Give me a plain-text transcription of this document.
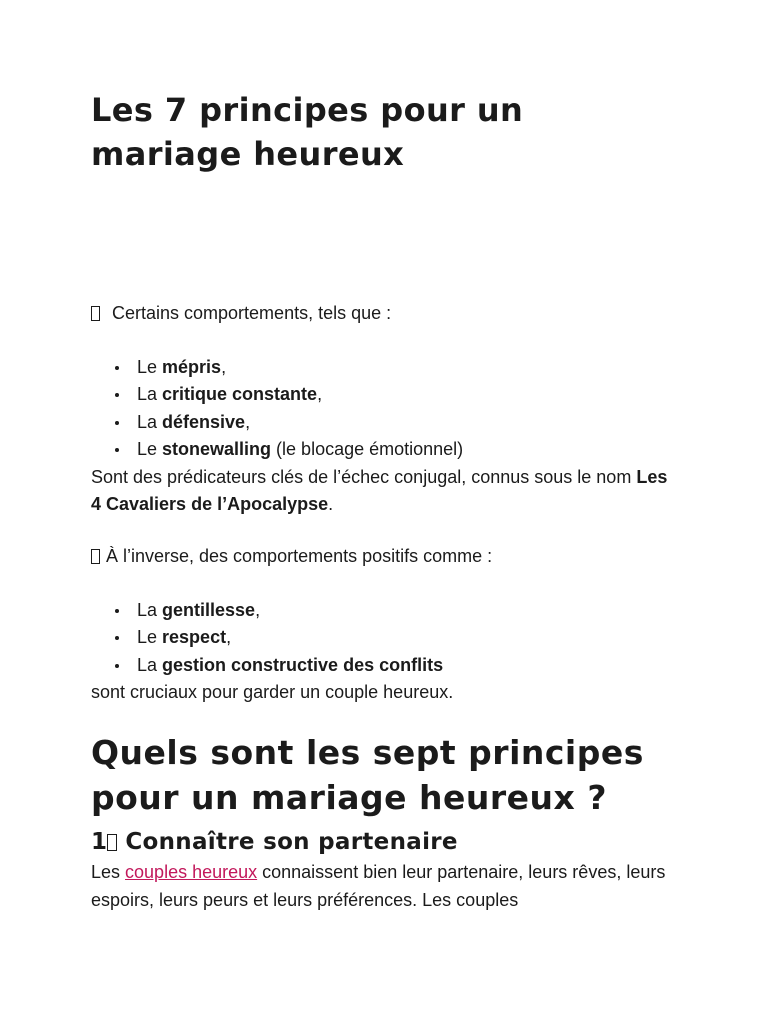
Les 7 principes pour un mariage heureux
Certains comportements, tels que :
Le mépris,
La critique constante,
La défensive,
Le stonewalling (le blocage émotionnel)
Sont des prédicateurs clés de l’échec conjugal, connus sous le nom Les 4 Cavaliers de l’Apocalypse.
À l’inverse, des comportements positifs comme :
La gentillesse,
Le respect,
La gestion constructive des conflits
sont cruciaux pour garder un couple heureux.
Quels sont les sept principes pour un mariage heureux ?
1 Connaître son partenaire
Les couples heureux connaissent bien leur partenaire, leurs rêves, leurs espoirs, leurs peurs et leurs préférences. Les couples
